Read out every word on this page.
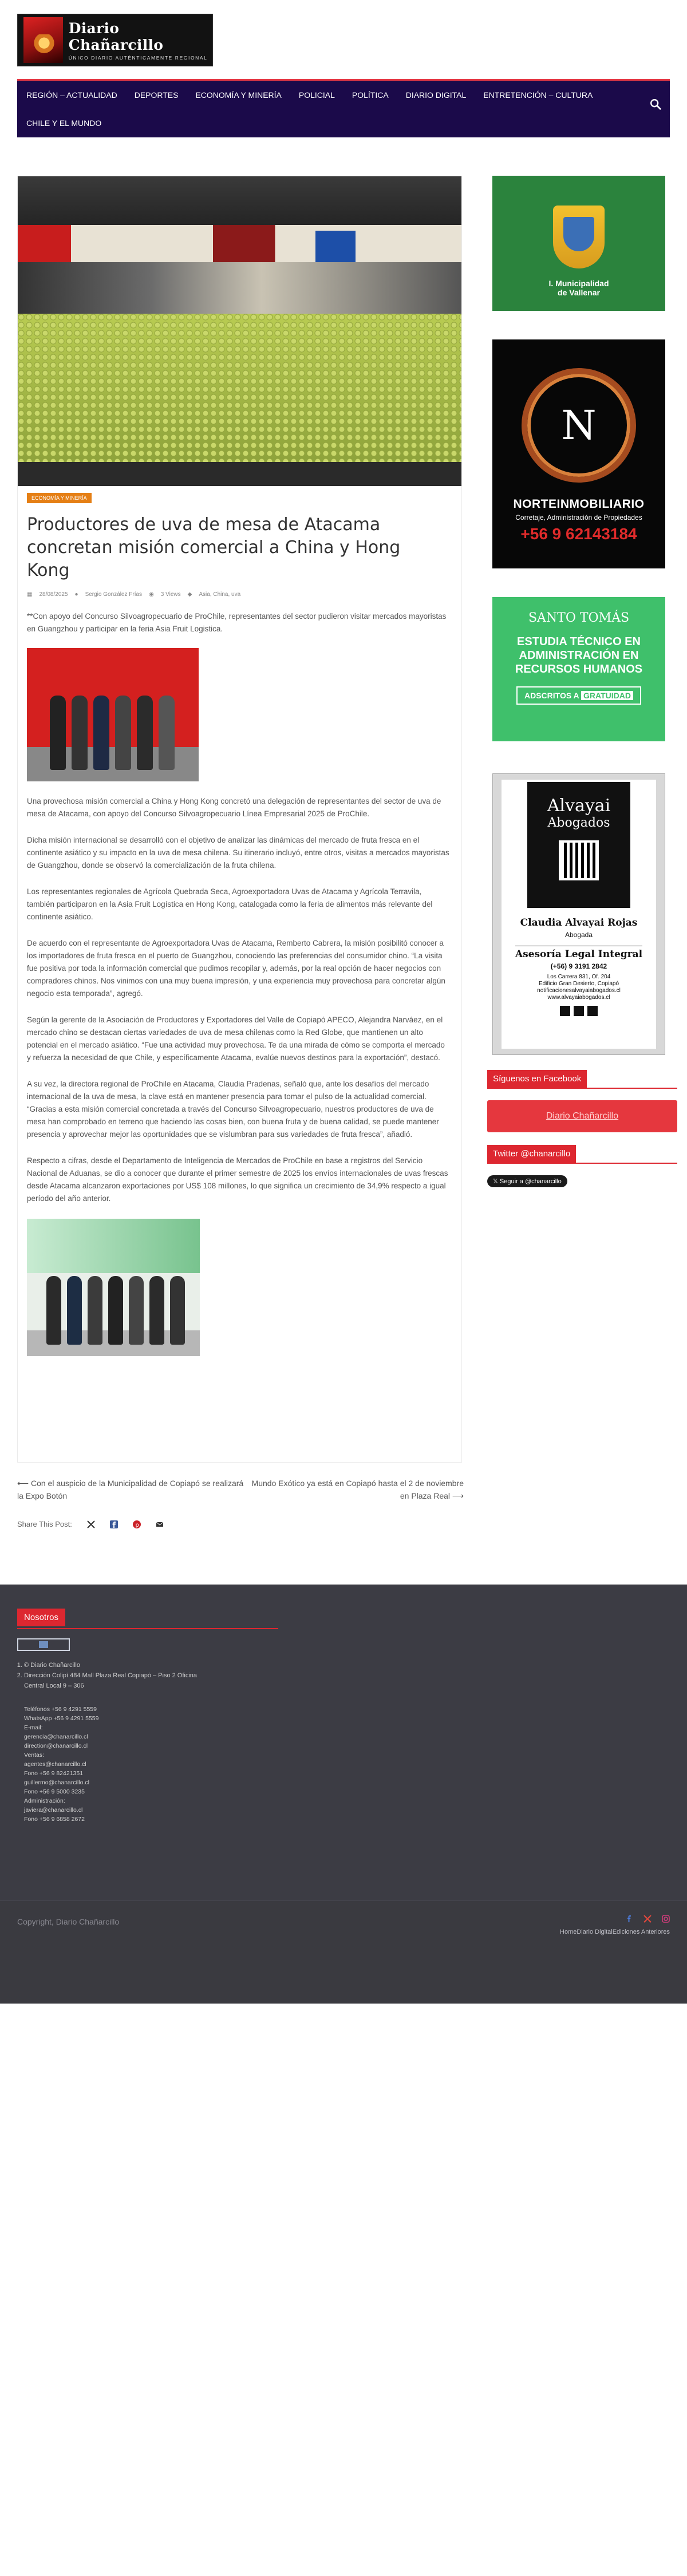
Diario Chañarcillo
ÚNICO DIARIO AUTÉNTICAMENTE REGIONAL
REGIÓN – ACTUALIDAD DEPORTES ECONOMÍA Y MINERÍA POLICIAL POLÍTICA DIARIO DIGITAL ENTRETENCIÓN – CULTURA
CHILE Y EL MUNDO
ECONOMÍA Y MINERÍA
Productores de uva de mesa de Atacama concretan misión comercial a China y Hong Kong
▦ 28/08/2025 ● Sergio González Frías ◉ 3 Views ◆ Asia, China, uva

**Con apoyo del Concurso Silvoagropecuario de ProChile, representantes del sector pudieron visitar mercados mayoristas en Guangzhou y participar en la feria Asia Fruit Logistica.

Una provechosa misión comercial a China y Hong Kong concretó una delegación de representantes del sector de uva de mesa de Atacama, con apoyo del Concurso Silvoagropecuario Línea Empresarial 2025 de ProChile.

Dicha misión internacional se desarrolló con el objetivo de analizar las dinámicas del mercado de fruta fresca en el continente asiático y su impacto en la uva de mesa chilena. Su itinerario incluyó, entre otros, visitas a mercados mayoristas de Guangzhou, donde se observó la comercialización de la fruta chilena.

Los representantes regionales de Agrícola Quebrada Seca, Agroexportadora Uvas de Atacama y Agrícola Terravila, también participaron en la Asia Fruit Logística en Hong Kong, catalogada como la feria de alimentos más relevante del continente asiático.

De acuerdo con el representante de Agroexportadora Uvas de Atacama, Remberto Cabrera, la misión posibilitó conocer a los importadores de fruta fresca en el puerto de Guangzhou, conociendo las preferencias del consumidor chino. “La visita fue positiva por toda la información comercial que pudimos recopilar y, además, por la real opción de hacer negocios con compradores chinos. Nos vinimos con una muy buena impresión, y una experiencia muy provechosa para concretar algún negocio esta temporada”, agregó.

Según la gerente de la Asociación de Productores y Exportadores del Valle de Copiapó APECO, Alejandra Narváez, en el mercado chino se destacan ciertas variedades de uva de mesa chilenas como la Red Globe, que mantienen un alto potencial en el mercado asiático. “Fue una actividad muy provechosa. Te da una mirada de cómo se comporta el mercado y refuerza la necesidad de que Chile, y específicamente Atacama, evalúe nuevos destinos para la exportación”, destacó.

A su vez, la directora regional de ProChile en Atacama, Claudia Pradenas, señaló que, ante los desafíos del mercado internacional de la uva de mesa, la clave está en mantener presencia para tomar el pulso de la actualidad comercial. “Gracias a esta misión comercial concretada a través del Concurso Silvoagropecuario, nuestros productores de uva de mesa han comprobado en terreno que haciendo las cosas bien, con buena fruta y de buena calidad, se puede mantener presencia y aprovechar mejor las oportunidades que se vislumbran para sus variedades de fruta fresca”, añadió.

Respecto a cifras, desde el Departamento de Inteligencia de Mercados de ProChile en base a registros del Servicio Nacional de Aduanas, se dio a conocer que durante el primer semestre de 2025 los envíos internacionales de uvas frescas desde Atacama alcanzaron exportaciones por US$ 108 millones, lo que significa un crecimiento de 34,9% respecto a igual período del año anterior.

⟵ Con el auspicio de la Municipalidad de Copiapó se realizará la Expo Botón
Mundo Exótico ya está en Copiapó hasta el 2 de noviembre en Plaza Real ⟶
Share This Post:	p
I. Municipalidad
de Vallenar
N
NORTEINMOBILIARIO
Corretaje, Administración de Propiedades
+56 9 62143184
SANTO TOMÁS
ESTUDIA TÉCNICO EN ADMINISTRACIÓN EN RECURSOS HUMANOS
ADSCRITOS A GRATUIDAD
Alvayai
Abogados
Claudia Alvayai Rojas
Abogada
Asesoría Legal Integral
(+56) 9 3191 2842
Los Carrera 831, Of. 204
Edificio Gran Desierto, Copiapó
notificacionesalvayaiabogados.cl
www.alvayaiabogados.cl
Síguenos en Facebook
Diario Chañarcillo
Twitter @chanarcillo
𝕏 Seguir a @chanarcillo
Nosotros
1. © Diario Chañarcillo
2. Dirección Colipí 484 Mall Plaza Real Copiapó – Piso 2 Oficina Central Local 9 – 306
Teléfonos +56 9 4291 5559
WhatsApp +56 9 4291 5559
E-mail:
gerencia@chanarcillo.cl
direction@chanarcillo.cl
Ventas:
agentes@chanarcillo.cl
Fono +56 9 82421351
guillermo@chanarcillo.cl
Fono +56 9 5000 3235
Administración:
javiera@chanarcillo.cl
Fono +56 9 6858 2672
Copyright, Diario Chañarcillo
HomeDiario DigitalEdiciones Anteriores
